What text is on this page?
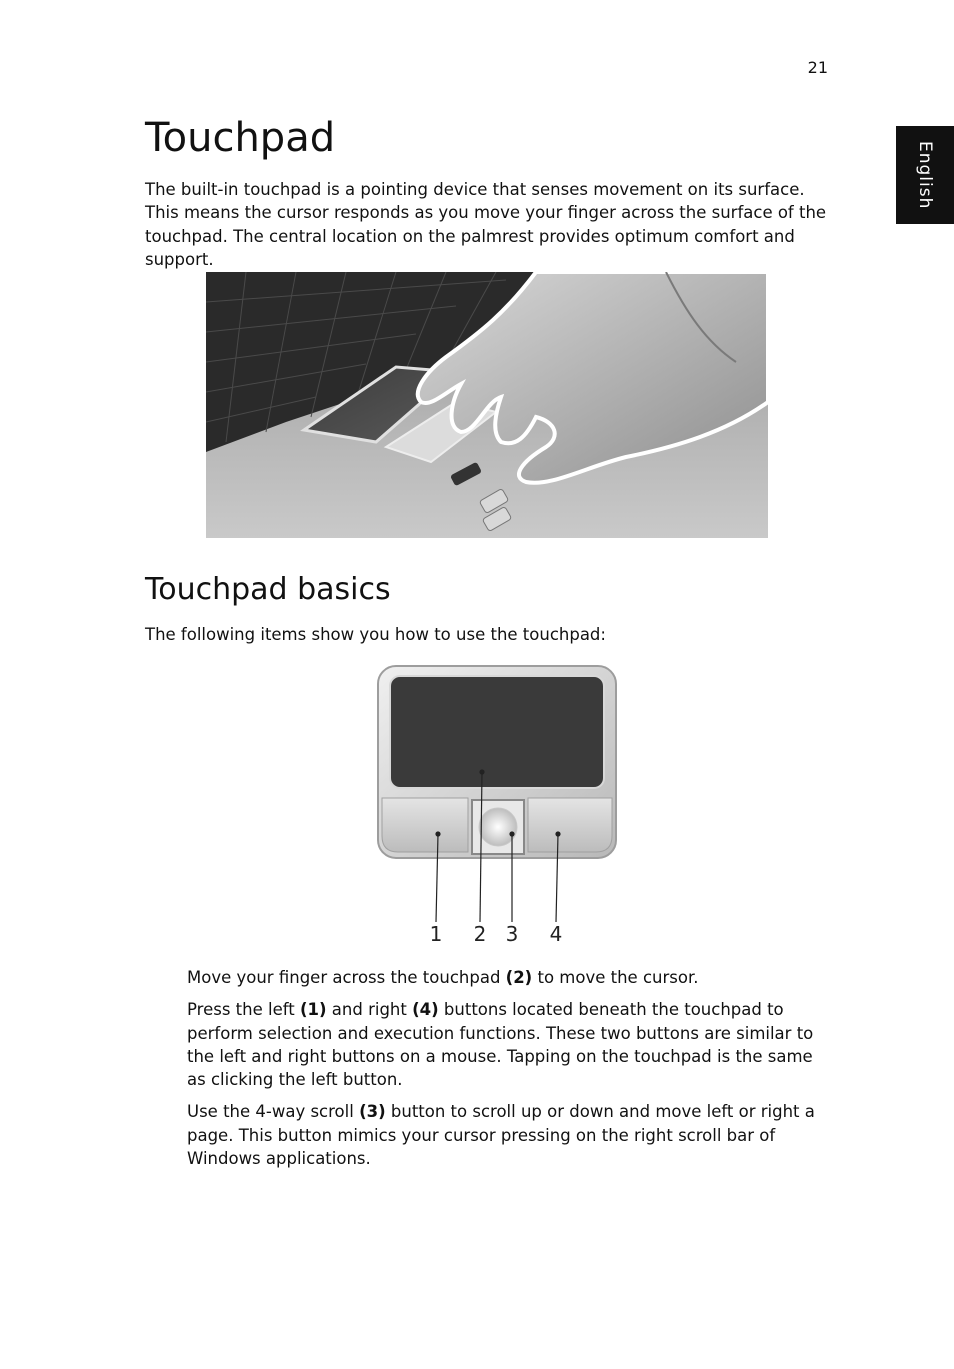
21
English
Touchpad

The built-in touchpad is a pointing device that senses movement on its surface. This means the cursor responds as you move your finger across the surface of the touchpad. The central location on the palmrest provides optimum comfort and support.

Touchpad basics

The following items show you how to use the touchpad:

1 2 3 4
Move your finger across the touchpad (2) to move the cursor.
Press the left (1) and right (4) buttons located beneath the touchpad to perform selection and execution functions. These two buttons are similar to the left and right buttons on a mouse. Tapping on the touchpad is the same as clicking the left button.
Use the 4-way scroll (3) button to scroll up or down and move left or right a page. This button mimics your cursor pressing on the right scroll bar of Windows applications.
